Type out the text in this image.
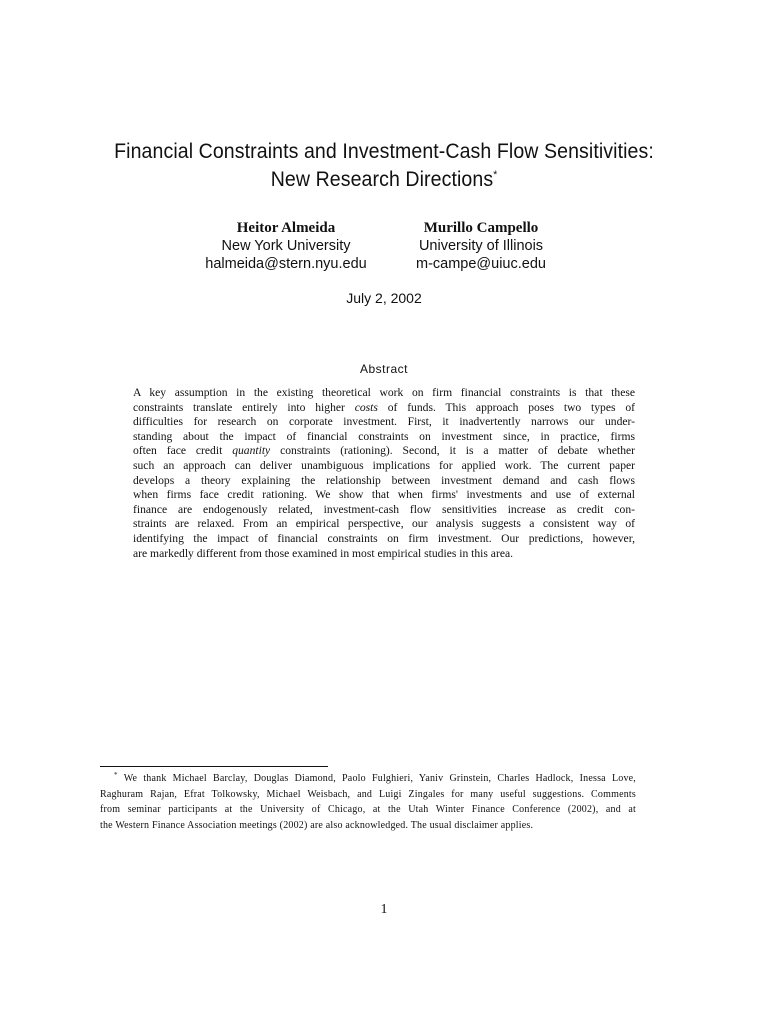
Financial Constraints and Investment-Cash Flow Sensitivities:
New Research Directions*
Heitor Almeida
New York University
halmeida@stern.nyu.edu
Murillo Campello
University of Illinois
m-campe@uiuc.edu
July 2, 2002
Abstract
A key assumption in the existing theoretical work on firm financial constraints is that these
constraints translate entirely into higher costs of funds. This approach poses two types of
difficulties for research on corporate investment. First, it inadvertently narrows our under-
standing about the impact of financial constraints on investment since, in practice, firms
often face credit quantity constraints (rationing). Second, it is a matter of debate whether
such an approach can deliver unambiguous implications for applied work. The current paper
develops a theory explaining the relationship between investment demand and cash flows
when firms face credit rationing. We show that when firms' investments and use of external
finance are endogenously related, investment-cash flow sensitivities increase as credit con-
straints are relaxed. From an empirical perspective, our analysis suggests a consistent way of
identifying the impact of financial constraints on firm investment. Our predictions, however,
are markedly different from those examined in most empirical studies in this area.
* We thank Michael Barclay, Douglas Diamond, Paolo Fulghieri, Yaniv Grinstein, Charles Hadlock, Inessa Love,
Raghuram Rajan, Efrat Tolkowsky, Michael Weisbach, and Luigi Zingales for many useful suggestions. Comments
from seminar participants at the University of Chicago, at the Utah Winter Finance Conference (2002), and at
the Western Finance Association meetings (2002) are also acknowledged. The usual disclaimer applies.
1
